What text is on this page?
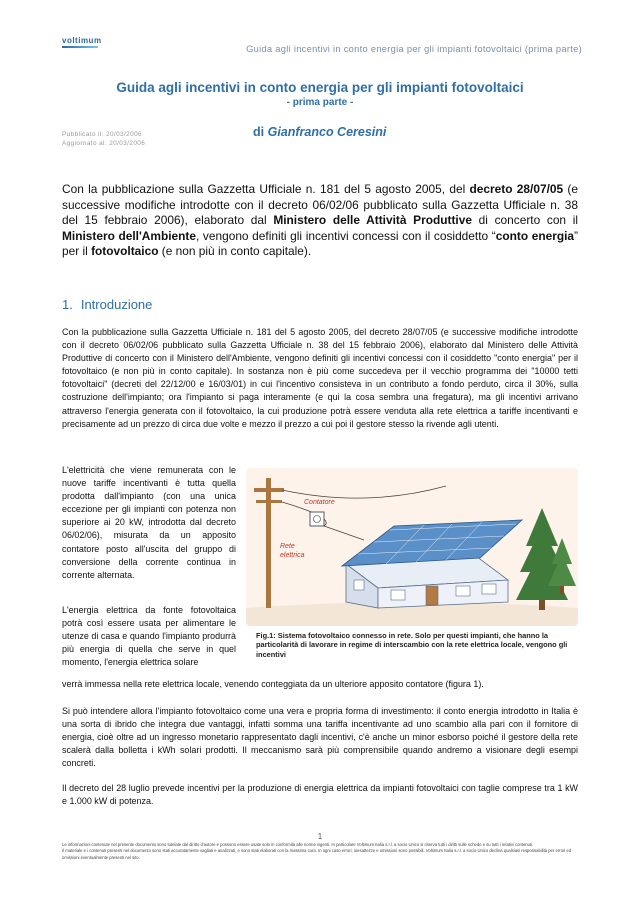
voltimum
Guida agli incentivi in conto energia per gli impianti fotovoltaici (prima parte)
Guida agli incentivi in conto energia per gli impianti fotovoltaici
- prima parte -
Pubblicato il: 20/03/2006
Aggiornato al: 20/03/2006
di Gianfranco Ceresini
Con la pubblicazione sulla Gazzetta Ufficiale n. 181 del 5 agosto 2005, del decreto 28/07/05 (e successive modifiche introdotte con il decreto 06/02/06 pubblicato sulla Gazzetta Ufficiale n. 38 del 15 febbraio 2006), elaborato dal Ministero delle Attività Produttive di concerto con il Ministero dell'Ambiente, vengono definiti gli incentivi concessi con il cosiddetto “conto energia” per il fotovoltaico (e non più in conto capitale).
1. Introduzione
Con la pubblicazione sulla Gazzetta Ufficiale n. 181 del 5 agosto 2005, del decreto 28/07/05 (e successive modifiche introdotte con il decreto 06/02/06 pubblicato sulla Gazzetta Ufficiale n. 38 del 15 febbraio 2006), elaborato dal Ministero delle Attività Produttive di concerto con il Ministero dell'Ambiente, vengono definiti gli incentivi concessi con il cosiddetto "conto energia" per il fotovoltaico (e non più in conto capitale). In sostanza non è più come succedeva per il vecchio programma dei "10000 tetti fotovoltaici" (decreti del 22/12/00 e 16/03/01) in cui l'incentivo consisteva in un contributo a fondo perduto, circa il 30%, sulla costruzione dell'impianto; ora l'impianto si paga interamente (e qui la cosa sembra una fregatura), ma gli incentivi arrivano attraverso l'energia generata con il fotovoltaico, la cui produzione potrà essere venduta alla rete elettrica a tariffe incentivanti e precisamente ad un prezzo di circa due volte e mezzo il prezzo a cui poi il gestore stesso la rivende agli utenti.
L'elettricità che viene remunerata con le nuove tariffe incentivanti è tutta quella prodotta dall'impianto (con una unica eccezione per gli impianti con potenza non superiore ai 20 kW, introdotta dal decreto 06/02/06), misurata da un apposito contatore posto all'uscita del gruppo di conversione della corrente continua in corrente alternata.
L'energia elettrica da fonte fotovoltaica potrà così essere usata per alimentare le utenze di casa e quando l'impianto produrrà più energia di quella che serve in quel momento, l'energia elettrica solare
verrà immessa nella rete elettrica locale, venendo conteggiata da un ulteriore apposito contatore (figura 1).
Contatore
Rete
elettrica
Fig.1: Sistema fotovoltaico connesso in rete. Solo per questi impianti, che hanno la particolarità di lavorare in regime di interscambio con la rete elettrica locale, vengono gli incentivi
Si può intendere allora l'impianto fotovoltaico come una vera e propria forma di investimento: il conto energia introdotto in Italia è una sorta di ibrido che integra due vantaggi, infatti somma una tariffa incentivante ad uno scambio alla pari con il fornitore di energia, cioè oltre ad un ingresso monetario rappresentato dagli incentivi, c'è anche un minor esborso poiché il gestore della rete scalerà dalla bolletta i kWh solari prodotti. Il meccanismo sarà più comprensibile quando andremo a visionare degli esempi concreti.
Il decreto del 28 luglio prevede incentivi per la produzione di energia elettrica da impianti fotovoltaici con taglie comprese tra 1 kW e 1.000 kW di potenza.
1
Le informazioni contenute nel presente documento sono tutelate dal diritto d'autore e possono essere usate solo in conformità alle norme vigenti. In particolare Voltimum Italia s.r.l. a socio Unico si riserva tutti i diritti sulle schede e su tutti i relativi contenuti.
Il materiale e i contenuti presenti nel documento sono stati accuratamente vagliati e analizzati, e sono stati elaborati con la massima cura. In ogni caso errori, inesattezze e omissioni sono possibili. Voltimum Italia s.r.l. a socio Unico declina qualsiasi responsabilità per errori ed omissioni eventualmente presenti nel sito.
